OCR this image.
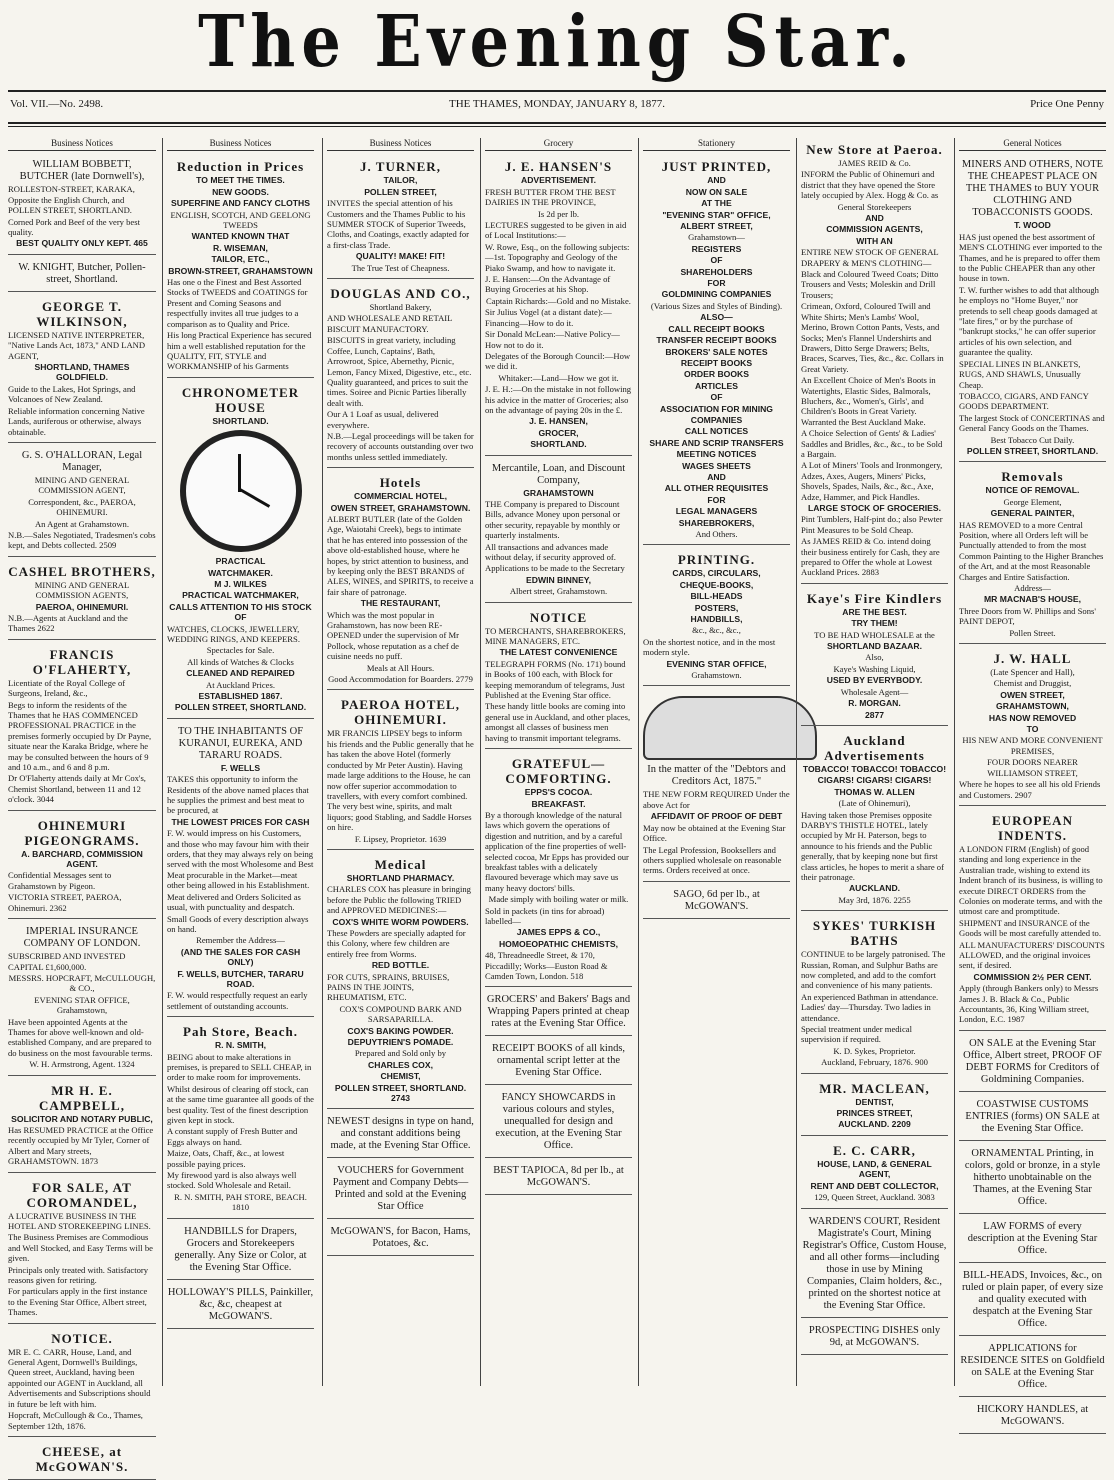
The Evening Star.
Vol. VII.—No. 2498.	THE THAMES, MONDAY, JANUARY 8, 1877.	Price One Penny
Business Notices

WILLIAM BOBBETT, BUTCHER (late Dornwell's),

ROLLESTON-STREET, KARAKA, Opposite the English Church, and POLLEN STREET, SHORTLAND.

Corned Pork and Beef of the very best quality.

BEST QUALITY ONLY KEPT. 465

W. KNIGHT, Butcher, Pollen-street, Shortland.

GEORGE T. WILKINSON,

LICENSED NATIVE INTERPRETER, "Native Lands Act, 1873," AND LAND AGENT,

SHORTLAND, THAMES GOLDFIELD.

Guide to the Lakes, Hot Springs, and Volcanoes of New Zealand.

Reliable information concerning Native Lands, auriferous or otherwise, always obtainable.

G. S. O'HALLORAN, Legal Manager,

MINING AND GENERAL COMMISSION AGENT,

Correspondent, &c., PAEROA, OHINEMURI.

An Agent at Grahamstown.

N.B.—Sales Negotiated, Tradesmen's cobs kept, and Debts collected. 2509

CASHEL BROTHERS,

MINING AND GENERAL COMMISSION AGENTS,

PAEROA, OHINEMURI.

N.B.—Agents at Auckland and the Thames 2622

FRANCIS O'FLAHERTY,

Licentiate of the Royal College of Surgeons, Ireland, &c.,

Begs to inform the residents of the Thames that he HAS COMMENCED PROFESSIONAL PRACTICE in the premises formerly occupied by Dr Payne, situate near the Karaka Bridge, where he may be consulted between the hours of 9 and 10 a.m., and 6 and 8 p.m.

Dr O'Flaherty attends daily at Mr Cox's, Chemist Shortland, between 11 and 12 o'clock. 3044

OHINEMURI PIGEONGRAMS.

A. BARCHARD, COMMISSION AGENT.

Confidential Messages sent to Grahamstown by Pigeon.

VICTORIA STREET, PAEROA, Ohinemuri. 2362

IMPERIAL INSURANCE COMPANY OF LONDON.

SUBSCRIBED AND INVESTED CAPITAL £1,600,000.

MESSRS. HOPCRAFT, McCULLOUGH, & CO.,

EVENING STAR OFFICE, Grahamstown,

Have been appointed Agents at the Thames for above well-known and old-established Company, and are prepared to do business on the most favourable terms.

W. H. Armstrong, Agent. 1324

MR H. E. CAMPBELL,

SOLICITOR AND NOTARY PUBLIC,

Has RESUMED PRACTICE at the Office recently occupied by Mr Tyler, Corner of Albert and Mary streets, GRAHAMSTOWN. 1873

FOR SALE, AT COROMANDEL,

A LUCRATIVE BUSINESS IN THE HOTEL AND STOREKEEPING LINES.

The Business Premises are Commodious and Well Stocked, and Easy Terms will be given.

Principals only treated with. Satisfactory reasons given for retiring.

For particulars apply in the first instance to the Evening Star Office, Albert street, Thames.

NOTICE.

MR E. C. CARR, House, Land, and General Agent, Dornwell's Buildings, Queen street, Auckland, having been appointed our AGENT in Auckland, all Advertisements and Subscriptions should in future be left with him.

Hopcraft, McCullough & Co., Thames, September 12th, 1876.

CHEESE, at McGOWAN'S.

Business Notices

Reduction in Prices

TO MEET THE TIMES.

NEW GOODS.

SUPERFINE AND FANCY CLOTHS

ENGLISH, SCOTCH, AND GEELONG TWEEDS

WANTED KNOWN THAT

R. WISEMAN,

TAILOR, ETC.,

BROWN-STREET, GRAHAMSTOWN

Has one o the Finest and Best Assorted Stocks of TWEEDS and COATINGS for Present and Coming Seasons and respectfully invites all true judges to a comparison as to Quality and Price.

His long Practical Experience has secured him a well established reputation for the QUALITY, FIT, STYLE and WORKMANSHIP of his Garments

CHRONOMETER HOUSE

SHORTLAND.

PRACTICAL

WATCHMAKER.

M J. WILKES

PRACTICAL WATCHMAKER,

CALLS ATTENTION TO HIS STOCK OF

WATCHES, CLOCKS, JEWELLERY, WEDDING RINGS, AND KEEPERS.

Spectacles for Sale.

All kinds of Watches & Clocks

CLEANED AND REPAIRED

At Auckland Prices.

ESTABLISHED 1867.

POLLEN STREET, SHORTLAND.

TO THE INHABITANTS OF KURANUI, EUREKA, AND TARARU ROADS.

F. WELLS

TAKES this opportunity to inform the Residents of the above named places that he supplies the primest and best meat to be procured, at

THE LOWEST PRICES FOR CASH

F. W. would impress on his Customers, and those who may favour him with their orders, that they may always rely on being served with the most Wholesome and Best Meat procurable in the Market—meat other being allowed in his Establishment.

Meat delivered and Orders Solicited as usual, with punctuality and despatch.

Small Goods of every description always on hand.

Remember the Address—

(AND THE SALES FOR CASH ONLY)

F. WELLS, BUTCHER, TARARU ROAD.

F. W. would respectfully request an early settlement of outstanding accounts.

Pah Store, Beach.

R. N. SMITH,

BEING about to make alterations in premises, is prepared to SELL CHEAP, in order to make room for improvements.

Whilst desirous of clearing off stock, can at the same time guarantee all goods of the best quality. Test of the finest description given kept in stock.

A constant supply of Fresh Butter and Eggs always on hand.

Maize, Oats, Chaff, &c., at lowest possible paying prices.

My firewood yard is also always well stocked. Sold Wholesale and Retail.

R. N. SMITH, PAH STORE, BEACH. 1810

HANDBILLS for Drapers, Grocers and Storekeepers generally. Any Size or Color, at the Evening Star Office.

HOLLOWAY'S PILLS, Painkiller, &c, &c, cheapest at McGOWAN'S.

Business Notices

J. TURNER,

TAILOR,

POLLEN STREET,

INVITES the special attention of his Customers and the Thames Public to his SUMMER STOCK of Superior Tweeds, Cloths, and Coatings, exactly adapted for a first-class Trade.

QUALITY! MAKE! FIT!

The True Test of Cheapness.

DOUGLAS AND CO.,

Shortland Bakery,

AND WHOLESALE AND RETAIL BISCUIT MANUFACTORY.

BISCUITS in great variety, including Coffee, Lunch, Captains', Bath, Arrowroot, Spice, Abernethy, Picnic, Lemon, Fancy Mixed, Digestive, etc., etc. Quality guaranteed, and prices to suit the times. Soiree and Picnic Parties liberally dealt with.

Our A 1 Loaf as usual, delivered everywhere.

N.B.—Legal proceedings will be taken for recovery of accounts outstanding over two months unless settled immediately.

Hotels

COMMERCIAL HOTEL,

OWEN STREET, GRAHAMSTOWN.

ALBERT BUTLER (late of the Golden Age, Waiotahi Creek), begs to intimate that he has entered into possession of the above old-established house, where he hopes, by strict attention to business, and by keeping only the BEST BRANDS of ALES, WINES, and SPIRITS, to receive a fair share of patronage.

THE RESTAURANT,

Which was the most popular in Grahamstown, has now been RE-OPENED under the supervision of Mr Pollock, whose reputation as a chef de cuisine needs no puff.

Meals at All Hours.

Good Accommodation for Boarders. 2779

PAEROA HOTEL, OHINEMURI.

MR FRANCIS LIPSEY begs to inform his friends and the Public generally that he has taken the above Hotel (formerly conducted by Mr Peter Austin). Having made large additions to the House, he can now offer superior accommodation to travellers, with every comfort combined. The very best wine, spirits, and malt liquors; good Stabling, and Saddle Horses on hire.

F. Lipsey, Proprietor. 1639

Medical

SHORTLAND PHARMACY.

CHARLES COX has pleasure in bringing before the Public the following TRIED and APPROVED MEDICINES:—

COX'S WHITE WORM POWDERS.

These Powders are specially adapted for this Colony, where few children are entirely free from Worms.

RED BOTTLE.

FOR CUTS, SPRAINS, BRUISES, PAINS IN THE JOINTS, RHEUMATISM, ETC.

COX'S COMPOUND BARK AND SARSAPARILLA.

COX'S BAKING POWDER.

DEPUYTRIEN'S POMADE.

Prepared and Sold only by

CHARLES COX,

CHEMIST,

POLLEN STREET, SHORTLAND. 2743

NEWEST designs in type on hand, and constant additions being made, at the Evening Star Office.

VOUCHERS for Government Payment and Company Debts—Printed and sold at the Evening Star Office

McGOWAN'S, for Bacon, Hams, Potatoes, &c.

Grocery

J. E. HANSEN'S

ADVERTISEMENT.

FRESH BUTTER FROM THE BEST DAIRIES IN THE PROVINCE,

Is 2d per lb.

LECTURES suggested to be given in aid of Local Institutions:—

W. Rowe, Esq., on the following subjects:—1st. Topography and Geology of the Piako Swamp, and how to navigate it.

J. E. Hansen:—On the Advantage of Buying Groceries at his Shop.

Captain Richards:—Gold and no Mistake.

Sir Julius Vogel (at a distant date):—Financing—How to do it.

Sir Donald McLean:—Native Policy—How not to do it.

Delegates of the Borough Council:—How we did it.

Whitaker:—Land—How we got it.

J. E. H.:—On the mistake in not following his advice in the matter of Groceries; also on the advantage of paying 20s in the £.

J. E. HANSEN,

GROCER,

SHORTLAND.

Mercantile, Loan, and Discount Company,

GRAHAMSTOWN

THE Company is prepared to Discount Bills, advance Money upon personal or other security, repayable by monthly or quarterly instalments.

All transactions and advances made without delay, if security approved of.

Applications to be made to the Secretary

EDWIN BINNEY,

Albert street, Grahamstown.

NOTICE

TO MERCHANTS, SHAREBROKERS, MINE MANAGERS, ETC.

THE LATEST CONVENIENCE

TELEGRAPH FORMS (No. 171) bound in Books of 100 each, with Block for keeping memorandum of telegrams, Just Published at the Evening Star office.

These handy little books are coming into general use in Auckland, and other places, amongst all classes of business men having to transmit important telegrams.

GRATEFUL—COMFORTING.

EPPS'S COCOA.

BREAKFAST.

By a thorough knowledge of the natural laws which govern the operations of digestion and nutrition, and by a careful application of the fine properties of well-selected cocoa, Mr Epps has provided our breakfast tables with a delicately flavoured beverage which may save us many heavy doctors' bills.

Made simply with boiling water or milk.

Sold in packets (in tins for abroad) labelled—

JAMES EPPS & CO.,

HOMOEOPATHIC CHEMISTS,

48, Threadneedle Street, & 170, Piccadilly; Works—Euston Road & Camden Town, London. 518

GROCERS' and Bakers' Bags and Wrapping Papers printed at cheap rates at the Evening Star Office.

RECEIPT BOOKS of all kinds, ornamental script letter at the Evening Star Office.

FANCY SHOWCARDS in various colours and styles, unequalled for design and execution, at the Evening Star Office.

BEST TAPIOCA, 8d per lb., at McGOWAN'S.

Stationery

JUST PRINTED,

AND

NOW ON SALE

AT THE

"EVENING STAR" OFFICE,

ALBERT STREET,

Grahamstown—

REGISTERS

OF

SHAREHOLDERS

FOR

GOLDMINING COMPANIES

(Various Sizes and Styles of Binding).

ALSO—

CALL RECEIPT BOOKS

TRANSFER RECEIPT BOOKS

BROKERS' SALE NOTES

RECEIPT BOOKS

ORDER BOOKS

ARTICLES

OF

ASSOCIATION FOR MINING

COMPANIES

CALL NOTICES

SHARE AND SCRIP TRANSFERS

MEETING NOTICES

WAGES SHEETS

AND

ALL OTHER REQUISITES

FOR

LEGAL MANAGERS

SHAREBROKERS,

And Others.

PRINTING.

CARDS, CIRCULARS,

CHEQUE-BOOKS,

BILL-HEADS

POSTERS,

HANDBILLS,

&c., &c., &c.,

On the shortest notice, and in the most modern style.

EVENING STAR OFFICE,

Grahamstown.

In the matter of the "Debtors and Creditors Act, 1875."

THE NEW FORM REQUIRED Under the above Act for

AFFIDAVIT OF PROOF OF DEBT

May now be obtained at the Evening Star Office.

The Legal Profession, Booksellers and others supplied wholesale on reasonable terms. Orders received at once.

SAGO, 6d per lb., at McGOWAN'S.

New Store at Paeroa.

JAMES REID & Co.

INFORM the Public of Ohinemuri and district that they have opened the Store lately occupied by Alex. Hogg & Co. as

General Storekeepers

AND

COMMISSION AGENTS,

WITH AN

ENTIRE NEW STOCK OF GENERAL DRAPERY & MEN'S CLOTHING—

Black and Coloured Tweed Coats; Ditto Trousers and Vests; Moleskin and Drill Trousers;

Crimean, Oxford, Coloured Twill and White Shirts; Men's Lambs' Wool, Merino, Brown Cotton Pants, Vests, and Socks; Men's Flannel Undershirts and Drawers, Ditto Serge Drawers; Belts, Braces, Scarves, Ties, &c., &c. Collars in Great Variety.

An Excellent Choice of Men's Boots in Watertights, Elastic Sides, Balmorals, Bluchers, &c., Women's, Girls', and Children's Boots in Great Variety. Warranted the Best Auckland Make.

A Choice Selection of Gents' & Ladies' Saddles and Bridles, &c., &c., to be Sold a Bargain.

A Lot of Miners' Tools and Ironmongery, Adzes, Axes, Augers, Miners' Picks, Shovels, Spades, Nails, &c., &c., Axe, Adze, Hammer, and Pick Handles.

LARGE STOCK OF GROCERIES.

Pint Tumblers, Half-pint do.; also Pewter Pint Measures to be Sold Cheap.

As JAMES REID & Co. intend doing their business entirely for Cash, they are prepared to Offer the whole at Lowest Auckland Prices. 2883

Kaye's Fire Kindlers

ARE THE BEST.

TRY THEM!

TO BE HAD WHOLESALE at the

SHORTLAND BAZAAR.

Also,

Kaye's Washing Liquid,

USED BY EVERYBODY.

Wholesale Agent—

R. MORGAN.

2877

Auckland Advertisements

TOBACCO! TOBACCO! TOBACCO!

CIGARS! CIGARS! CIGARS!

THOMAS W. ALLEN

(Late of Ohinemuri),

Having taken those Premises opposite DARBY'S THISTLE HOTEL, lately occupied by Mr H. Paterson, begs to announce to his friends and the Public generally, that by keeping none but first class articles, he hopes to merit a share of their patronage.

AUCKLAND.

May 3rd, 1876. 2255

SYKES' TURKISH BATHS

CONTINUE to be largely patronised. The Russian, Roman, and Sulphur Baths are now completed, and add to the comfort and convenience of his many patients.

An experienced Bathman in attendance. Ladies' day—Thursday. Two ladies in attendance.

Special treatment under medical supervision if required.

K. D. Sykes, Proprietor.

Auckland, February, 1876. 900

MR. MACLEAN,

DENTIST,

PRINCES STREET,

AUCKLAND. 2209

E. C. CARR,

HOUSE, LAND, & GENERAL AGENT,

RENT AND DEBT COLLECTOR,

129, Queen Street, Auckland. 3083

WARDEN'S COURT, Resident Magistrate's Court, Mining Registrar's Office, Custom House, and all other forms—including those in use by Mining Companies, Claim holders, &c., printed on the shortest notice at the Evening Star Office.

PROSPECTING DISHES only 9d, at McGOWAN'S.

General Notices

MINERS AND OTHERS, NOTE THE CHEAPEST PLACE ON THE THAMES to BUY YOUR CLOTHING AND TOBACCONISTS GOODS.

T. WOOD

HAS just opened the best assortment of MEN'S CLOTHING ever imported to the Thames, and he is prepared to offer them to the Public CHEAPER than any other house in town.

T. W. further wishes to add that although he employs no "Home Buyer," nor pretends to sell cheap goods damaged at "late fires," or by the purchase of "bankrupt stocks," he can offer superior articles of his own selection, and guarantee the quality.

SPECIAL LINES IN BLANKETS, RUGS, AND SHAWLS, Unusually Cheap.

TOBACCO, CIGARS, AND FANCY GOODS DEPARTMENT.

The largest Stock of CONCERTINAS and General Fancy Goods on the Thames.

Best Tobacco Cut Daily.

POLLEN STREET, SHORTLAND.

Removals

NOTICE OF REMOVAL.

George Element,

GENERAL PAINTER,

HAS REMOVED to a more Central Position, where all Orders left will be Punctually attended to from the most Common Painting to the Higher Branches of the Art, and at the most Reasonable Charges and Entire Satisfaction.

Address—

MR MACNAB'S HOUSE,

Three Doors from W. Phillips and Sons' PAINT DEPOT,

Pollen Street.

J. W. HALL

(Late Spencer and Hall),

Chemist and Druggist,

OWEN STREET,

GRAHAMSTOWN,

HAS NOW REMOVED

TO

HIS NEW AND MORE CONVENIENT PREMISES,

FOUR DOORS NEARER WILLIAMSON STREET,

Where he hopes to see all his old Friends and Customers. 2907

EUROPEAN INDENTS.

A LONDON FIRM (English) of good standing and long experience in the Australian trade, wishing to extend its Indent branch of its business, is willing to execute DIRECT ORDERS from the Colonies on moderate terms, and with the utmost care and promptitude.

SHIPMENT and INSURANCE of the Goods will be most carefully attended to.

ALL MANUFACTURERS' DISCOUNTS ALLOWED, and the original invoices sent, if desired.

COMMISSION 2½ PER CENT.

Apply (through Bankers only) to Messrs James J. B. Black & Co., Public Accountants, 36, King William street, London, E.C. 1987

ON SALE at the Evening Star Office, Albert street, PROOF OF DEBT FORMS for Creditors of Goldmining Companies.

COASTWISE CUSTOMS ENTRIES (forms) ON SALE at the Evening Star Office.

ORNAMENTAL Printing, in colors, gold or bronze, in a style hitherto unobtainable on the Thames, at the Evening Star Office.

LAW FORMS of every description at the Evening Star Office.

BILL-HEADS, Invoices, &c., on ruled or plain paper, of every size and quality executed with despatch at the Evening Star Office.

APPLICATIONS for RESIDENCE SITES on Goldfield on SALE at the Evening Star Office.

HICKORY HANDLES, at McGOWAN'S.
